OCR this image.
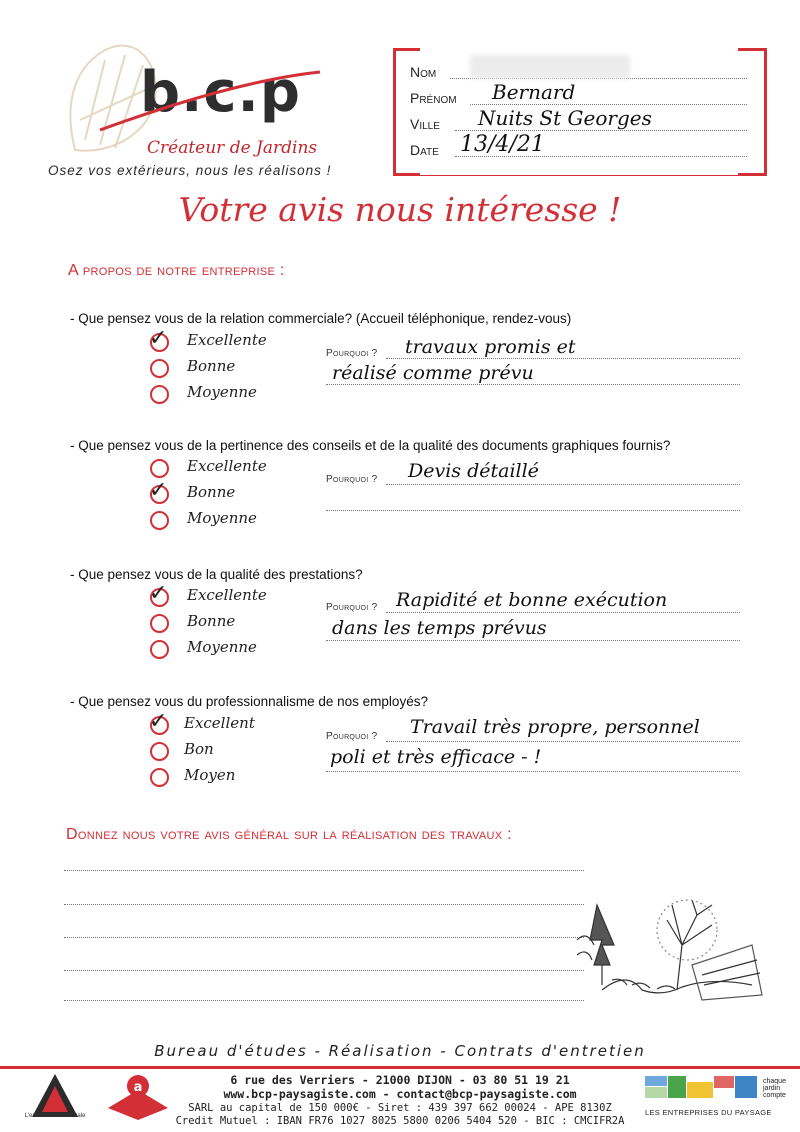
b.c.p
Créateur de Jardins
Osez vos extérieurs, nous les réalisons !
Nom
Prénom Bernard
Ville Nuits St Georges
Date 13/4/21
Votre avis nous intéresse !
A propos de notre entreprise :
- Que pensez vous de la relation commerciale? (Accueil téléphonique, rendez-vous)
✓ Excellente
Bonne
Moyenne
Pourquoi ? travaux promis et
réalisé comme prévu
- Que pensez vous de la pertinence des conseils et de la qualité des documents graphiques fournis?
Excellente
✓ Bonne
Moyenne
Pourquoi ? Devis détaillé
- Que pensez vous de la qualité des prestations?
✓ Excellente
Bonne
Moyenne
Pourquoi ? Rapidité et bonne exécution
dans les temps prévus
- Que pensez vous du professionnalisme de nos employés?
✓ Excellent
Bon
Moyen
Pourquoi ? Travail très propre, personnel
poli et très efficace - !
Donnez nous votre avis général sur la réalisation des travaux :
Bureau d'études - Réalisation - Contrats d'entretien
6 rue des Verriers - 21000 DIJON - 03 80 51 19 21
www.bcp-paysagiste.com - contact@bcp-paysagiste.com
SARL au capital de 150 000€ - Siret : 439 397 662 00024 - APE 8130Z
Credit Mutuel : IBAN FR76 1027 8025 5800 0206 5404 520 - BIC : CMCIFR2A
L'excellence Artisanale
a	chaque jardin compte
LES ENTREPRISES DU PAYSAGE
